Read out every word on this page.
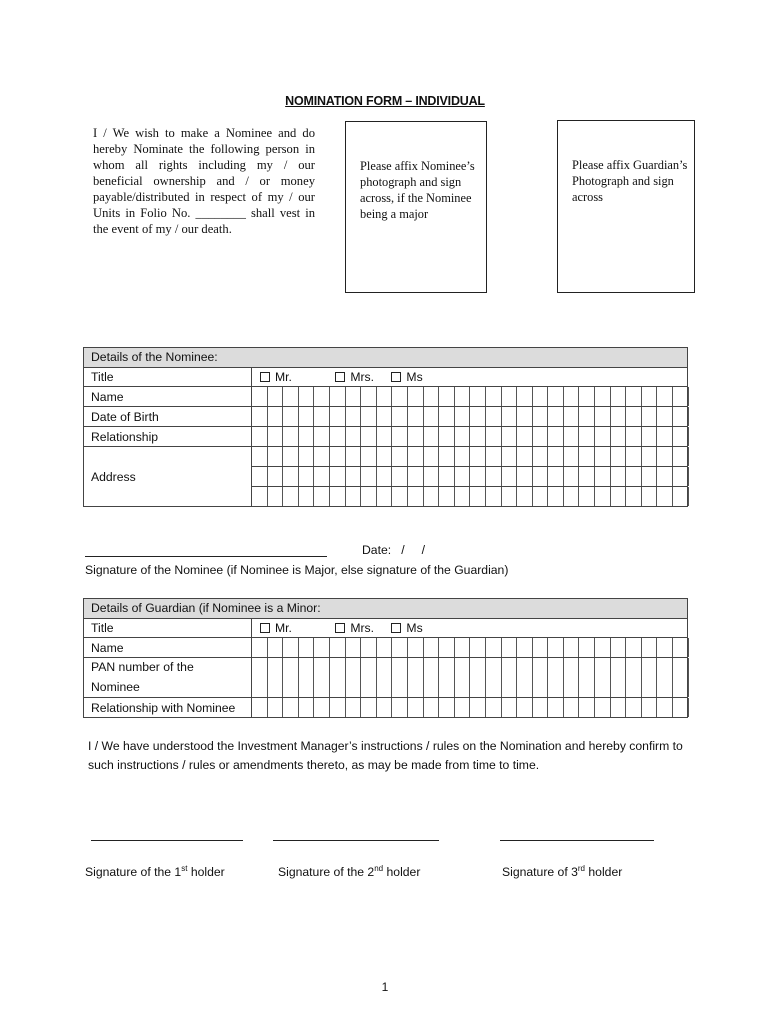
NOMINATION FORM – INDIVIDUAL
I / We wish to make a Nominee and do hereby Nominate the following person in whom all rights including my / our beneficial ownership and / or money payable/distributed in respect of my / our Units in Folio No. ________ shall vest in the event of my / our death.
Please affix Nominee’s photograph and sign across, if the Nominee being a major
Please affix Guardian’s Photograph and sign across
Details of the Nominee:	
Title	Mr. Mrs. Ms
Name	

Date of Birth	

Relationship	

Address	

Date:   /     /
Signature of the Nominee (if Nominee is Major, else signature of the Guardian)
Details of Guardian (if Nominee is a Minor:	
Title	Mr. Mrs. Ms
Name	

PAN number of the
Nominee	

Relationship with Nominee	
I / We have understood the Investment Manager’s instructions / rules on the Nomination and hereby confirm to such instructions / rules or amendments thereto, as may be made from time to time.
Signature of the 1st holder	Signature of the 2nd holder	Signature of 3rd holder
1
